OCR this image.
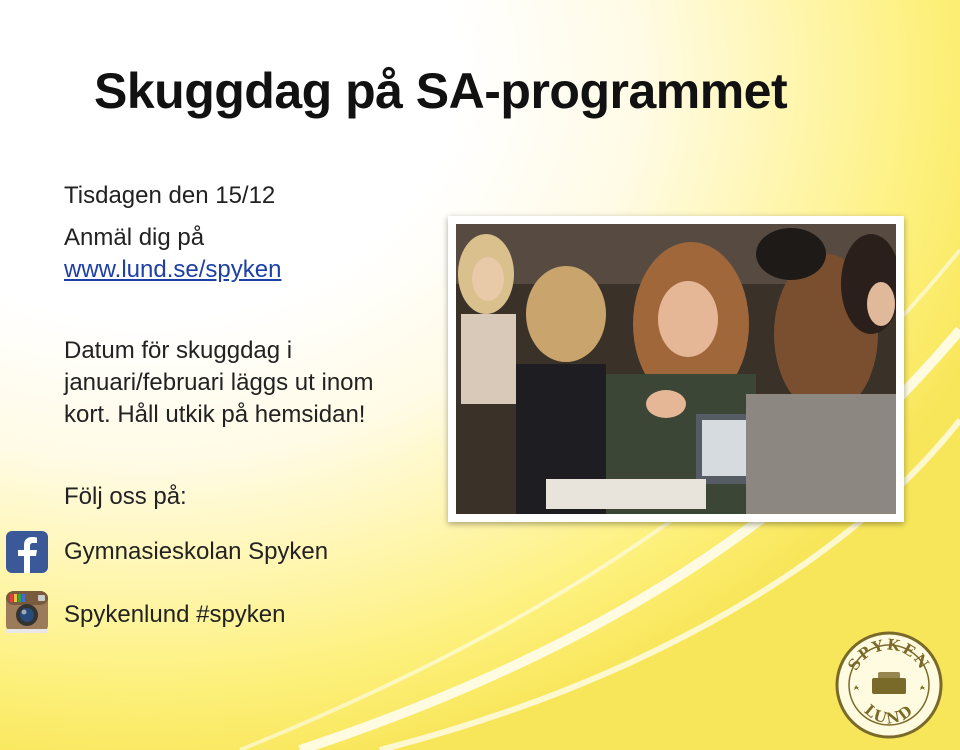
Skuggdag på SA-programmet
Tisdagen den 15/12
Anmäl dig på
www.lund.se/spyken
Datum för skuggdag i
januari/februari läggs ut inom
kort. Håll utkik på hemsidan!
Följ oss på:
Gymnasieskolan Spyken
Spykenlund #spyken
SPYKEN
LUND
